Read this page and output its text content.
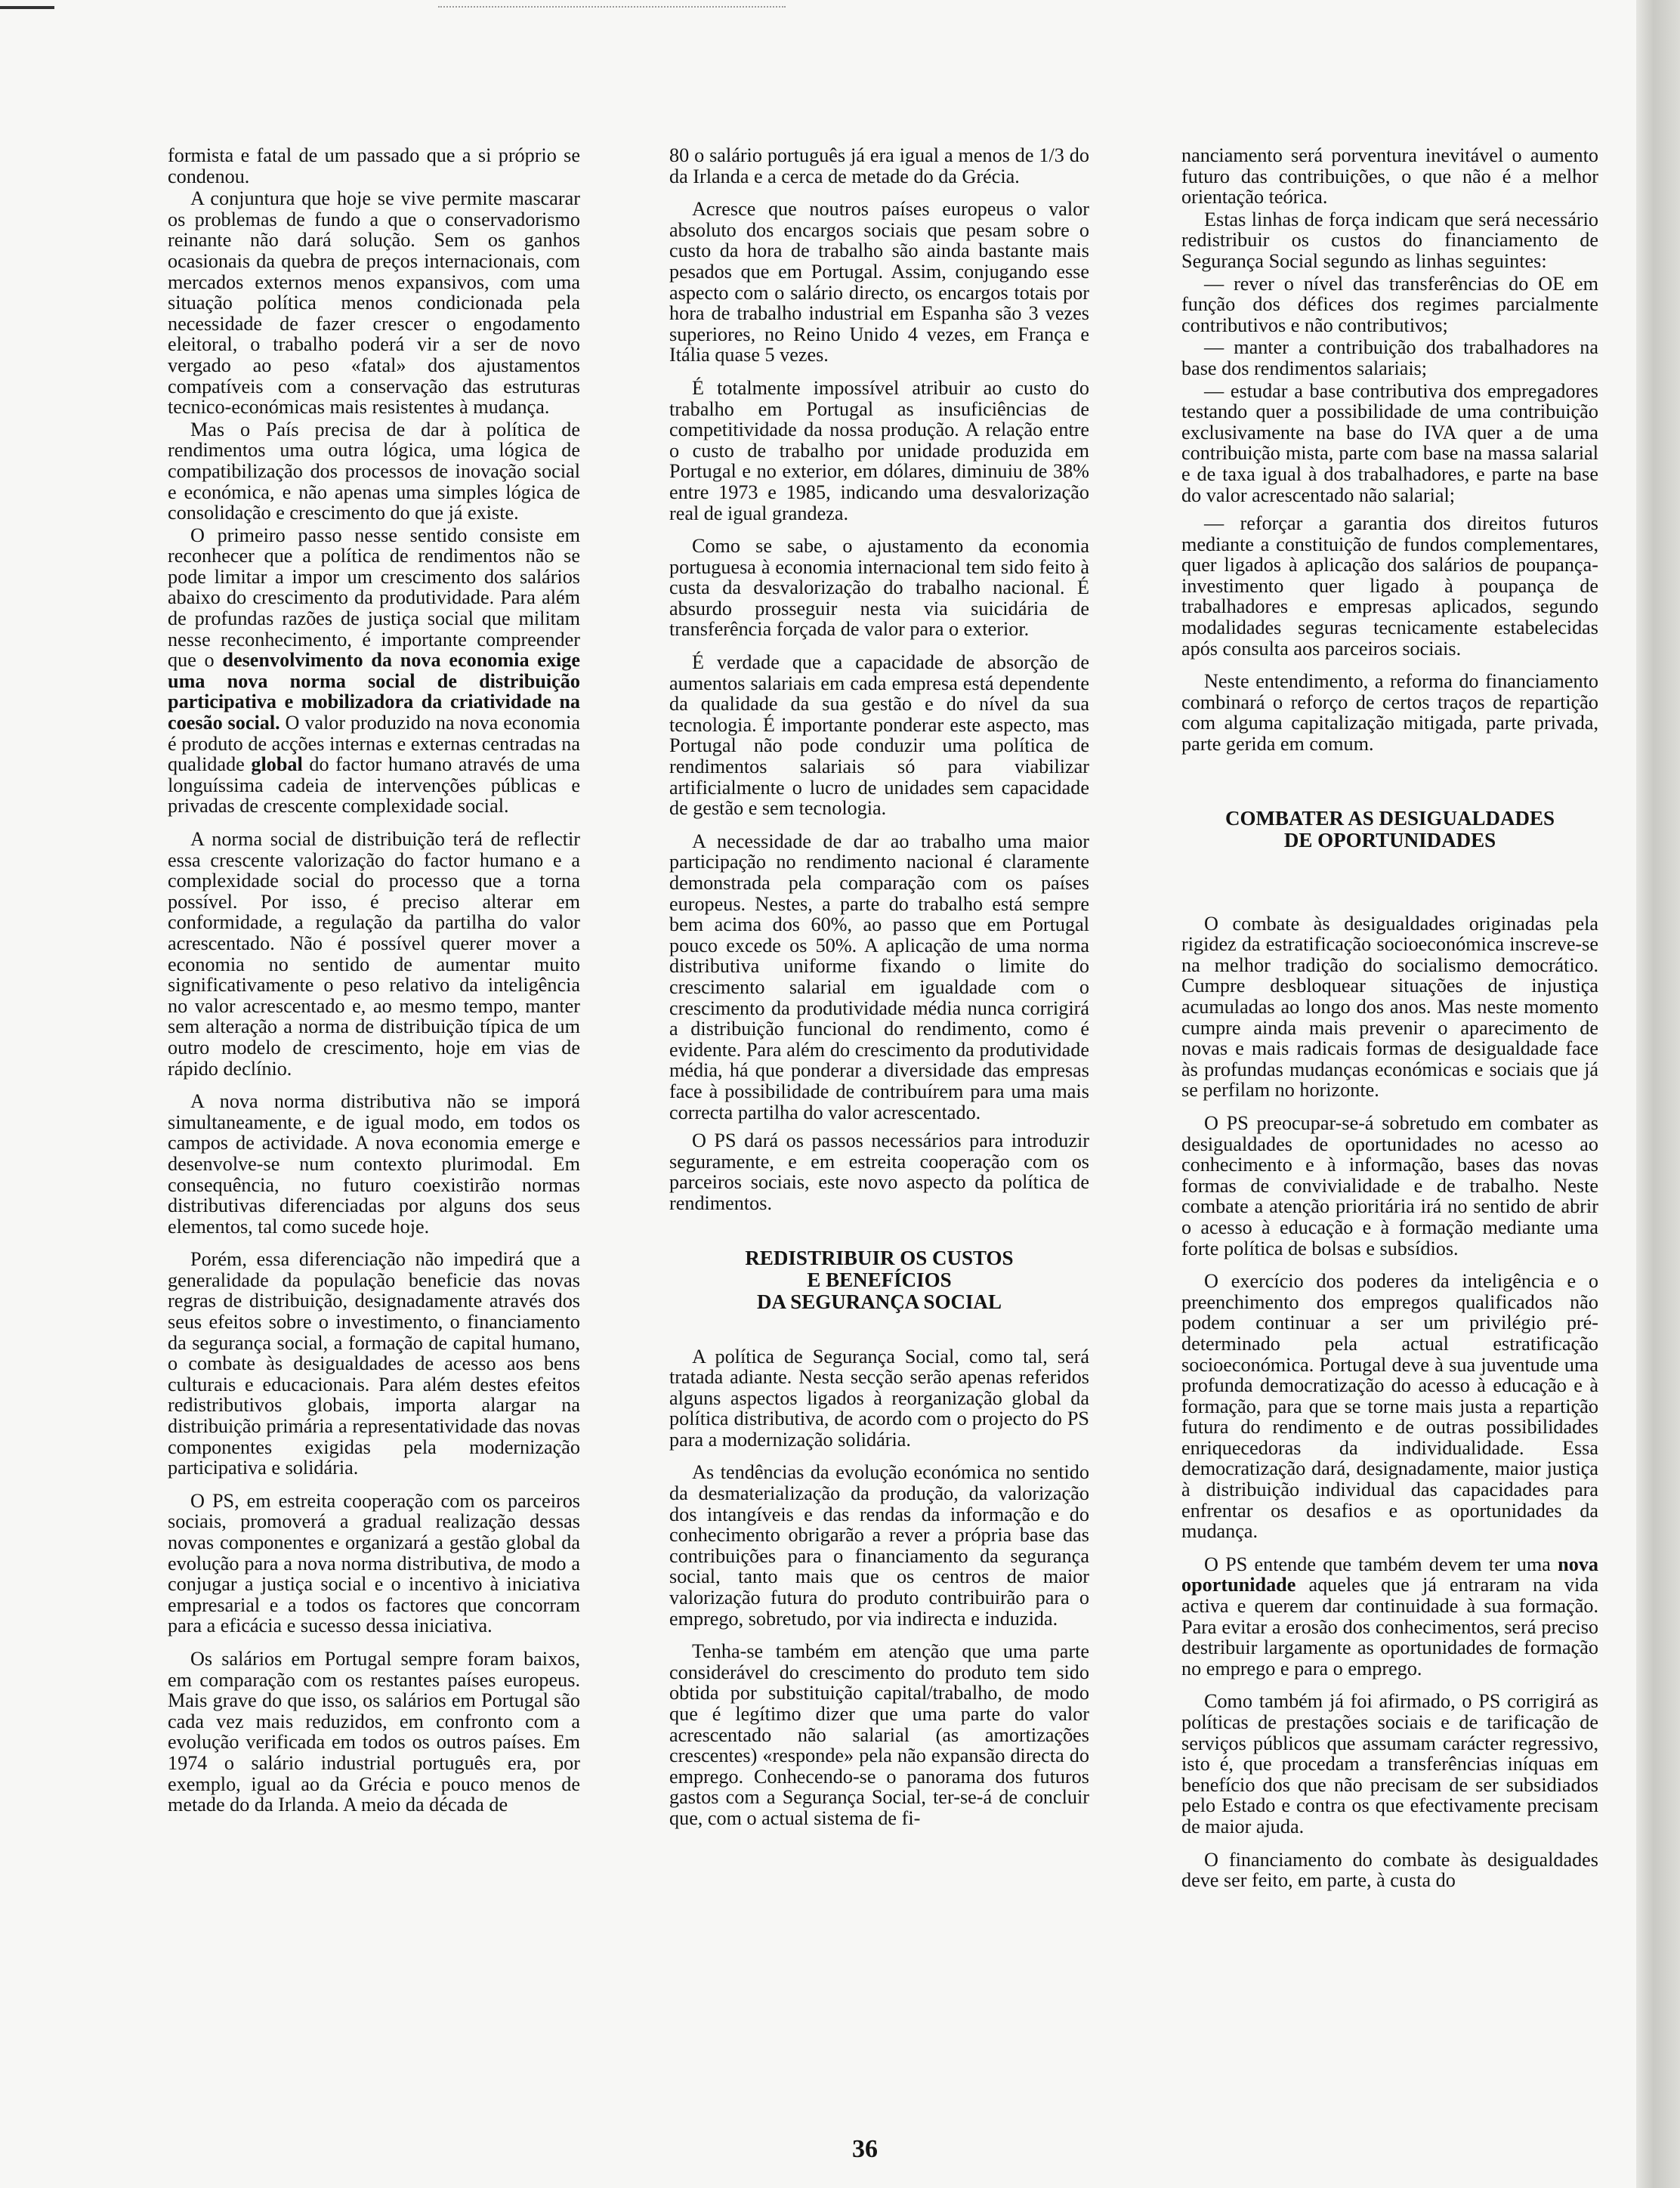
formista e fatal de um passado que a si próprio se condenou.

A conjuntura que hoje se vive permite mascarar os problemas de fundo a que o conservadorismo reinante não dará solução. Sem os ganhos ocasionais da quebra de preços internacionais, com mercados externos menos expansivos, com uma situação política menos condicionada pela necessidade de fazer crescer o engodamento eleitoral, o trabalho poderá vir a ser de novo vergado ao peso «fatal» dos ajustamentos compatíveis com a conservação das estruturas tecnico-económicas mais resistentes à mudança.

Mas o País precisa de dar à política de rendimentos uma outra lógica, uma lógica de compatibilização dos processos de inovação social e económica, e não apenas uma simples lógica de consolidação e crescimento do que já existe.

O primeiro passo nesse sentido consiste em reconhecer que a política de rendimentos não se pode limitar a impor um crescimento dos salários abaixo do crescimento da produtividade. Para além de profundas razões de justiça social que militam nesse reconhecimento, é importante compreender que o desenvolvimento da nova economia exige uma nova norma social de distribuição participativa e mobilizadora da criatividade na coesão social. O valor produzido na nova economia é produto de acções internas e externas centradas na qualidade global do factor humano através de uma longuíssima cadeia de intervenções públicas e privadas de crescente complexidade social.

A norma social de distribuição terá de reflectir essa crescente valorização do factor humano e a complexidade social do processo que a torna possível. Por isso, é preciso alterar em conformidade, a regulação da partilha do valor acrescentado. Não é possível querer mover a economia no sentido de aumentar muito significativamente o peso relativo da inteligência no valor acrescentado e, ao mesmo tempo, manter sem alteração a norma de distribuição típica de um outro modelo de crescimento, hoje em vias de rápido declínio.

A nova norma distributiva não se imporá simultaneamente, e de igual modo, em todos os campos de actividade. A nova economia emerge e desenvolve-se num contexto plurimodal. Em consequência, no futuro coexistirão normas distributivas diferenciadas por alguns dos seus elementos, tal como sucede hoje.

Porém, essa diferenciação não impedirá que a generalidade da população beneficie das novas regras de distribuição, designadamente através dos seus efeitos sobre o investimento, o financiamento da segurança social, a formação de capital humano, o combate às desigualdades de acesso aos bens culturais e educacionais. Para além destes efeitos redistributivos globais, importa alargar na distribuição primária a representatividade das novas componentes exigidas pela modernização participativa e solidária.

O PS, em estreita cooperação com os parceiros sociais, promoverá a gradual realização dessas novas componentes e organizará a gestão global da evolução para a nova norma distributiva, de modo a conjugar a justiça social e o incentivo à iniciativa empresarial e a todos os factores que concorram para a eficácia e sucesso dessa iniciativa.

Os salários em Portugal sempre foram baixos, em comparação com os restantes países europeus. Mais grave do que isso, os salários em Portugal são cada vez mais reduzidos, em confronto com a evolução verificada em todos os outros países. Em 1974 o salário industrial português era, por exemplo, igual ao da Grécia e pouco menos de metade do da Irlanda. A meio da década de

80 o salário português já era igual a menos de 1/3 do da Irlanda e a cerca de metade do da Grécia.

Acresce que noutros países europeus o valor absoluto dos encargos sociais que pesam sobre o custo da hora de trabalho são ainda bastante mais pesados que em Portugal. Assim, conjugando esse aspecto com o salário directo, os encargos totais por hora de trabalho industrial em Espanha são 3 vezes superiores, no Reino Unido 4 vezes, em França e Itália quase 5 vezes.

É totalmente impossível atribuir ao custo do trabalho em Portugal as insuficiências de competitividade da nossa produção. A relação entre o custo de trabalho por unidade produzida em Portugal e no exterior, em dólares, diminuiu de 38% entre 1973 e 1985, indicando uma desvalorização real de igual grandeza.

Como se sabe, o ajustamento da economia portuguesa à economia internacional tem sido feito à custa da desvalorização do trabalho nacional. É absurdo prosseguir nesta via suicidária de transferência forçada de valor para o exterior.

É verdade que a capacidade de absorção de aumentos salariais em cada empresa está dependente da qualidade da sua gestão e do nível da sua tecnologia. É importante ponderar este aspecto, mas Portugal não pode conduzir uma política de rendimentos salariais só para viabilizar artificialmente o lucro de unidades sem capacidade de gestão e sem tecnologia.

A necessidade de dar ao trabalho uma maior participação no rendimento nacional é claramente demonstrada pela comparação com os países europeus. Nestes, a parte do trabalho está sempre bem acima dos 60%, ao passo que em Portugal pouco excede os 50%. A aplicação de uma norma distributiva uniforme fixando o limite do crescimento salarial em igualdade com o crescimento da produtividade média nunca corrigirá a distribuição funcional do rendimento, como é evidente. Para além do crescimento da produtividade média, há que ponderar a diversidade das empresas face à possibilidade de contribuírem para uma mais correcta partilha do valor acrescentado.

O PS dará os passos necessários para introduzir seguramente, e em estreita cooperação com os parceiros sociais, este novo aspecto da política de rendimentos.

REDISTRIBUIR OS CUSTOS
E BENEFÍCIOS
DA SEGURANÇA SOCIAL

A política de Segurança Social, como tal, será tratada adiante. Nesta secção serão apenas referidos alguns aspectos ligados à reorganização global da política distributiva, de acordo com o projecto do PS para a modernização solidária.

As tendências da evolução económica no sentido da desmaterialização da produção, da valorização dos intangíveis e das rendas da informação e do conhecimento obrigarão a rever a própria base das contribuições para o financiamento da segurança social, tanto mais que os centros de maior valorização futura do produto contribuirão para o emprego, sobretudo, por via indirecta e induzida.

Tenha-se também em atenção que uma parte considerável do crescimento do produto tem sido obtida por substituição capital/trabalho, de modo que é legítimo dizer que uma parte do valor acrescentado não salarial (as amortizações crescentes) «responde» pela não expansão directa do emprego. Conhecendo-se o panorama dos futuros gastos com a Segurança Social, ter-se-á de concluir que, com o actual sistema de fi-

nanciamento será porventura inevitável o aumento futuro das contribuições, o que não é a melhor orientação teórica.

Estas linhas de força indicam que será necessário redistribuir os custos do financiamento de Segurança Social segundo as linhas seguintes:

— rever o nível das transferências do OE em função dos défices dos regimes parcialmente contributivos e não contributivos;

— manter a contribuição dos trabalhadores na base dos rendimentos salariais;

— estudar a base contributiva dos empregadores testando quer a possibilidade de uma contribuição exclusivamente na base do IVA quer a de uma contribuição mista, parte com base na massa salarial e de taxa igual à dos trabalhadores, e parte na base do valor acrescentado não salarial;

— reforçar a garantia dos direitos futuros mediante a constituição de fundos complementares, quer ligados à aplicação dos salários de poupança-investimento quer ligado à poupança de trabalhadores e empresas aplicados, segundo modalidades seguras tecnicamente estabelecidas após consulta aos parceiros sociais.

Neste entendimento, a reforma do financiamento combinará o reforço de certos traços de repartição com alguma capitalização mitigada, parte privada, parte gerida em comum.

COMBATER AS DESIGUALDADES
DE OPORTUNIDADES

O combate às desigualdades originadas pela rigidez da estratificação socioeconómica inscreve-se na melhor tradição do socialismo democrático. Cumpre desbloquear situações de injustiça acumuladas ao longo dos anos. Mas neste momento cumpre ainda mais prevenir o aparecimento de novas e mais radicais formas de desigualdade face às profundas mudanças económicas e sociais que já se perfilam no horizonte.

O PS preocupar-se-á sobretudo em combater as desigualdades de oportunidades no acesso ao conhecimento e à informação, bases das novas formas de convivialidade e de trabalho. Neste combate a atenção prioritária irá no sentido de abrir o acesso à educação e à formação mediante uma forte política de bolsas e subsídios.

O exercício dos poderes da inteligência e o preenchimento dos empregos qualificados não podem continuar a ser um privilégio pré-determinado pela actual estratificação socioeconómica. Portugal deve à sua juventude uma profunda democratização do acesso à educação e à formação, para que se torne mais justa a repartição futura do rendimento e de outras possibilidades enriquecedoras da individualidade. Essa democratização dará, designadamente, maior justiça à distribuição individual das capacidades para enfrentar os desafios e as oportunidades da mudança.

O PS entende que também devem ter uma nova oportunidade aqueles que já entraram na vida activa e querem dar continuidade à sua formação. Para evitar a erosão dos conhecimentos, será preciso destribuir largamente as oportunidades de formação no emprego e para o emprego.

Como também já foi afirmado, o PS corrigirá as políticas de prestações sociais e de tarificação de serviços públicos que assumam carácter regressivo, isto é, que procedam a transferências iníquas em benefício dos que não precisam de ser subsidiados pelo Estado e contra os que efectivamente precisam de maior ajuda.

O financiamento do combate às desigualdades deve ser feito, em parte, à custa do

36
